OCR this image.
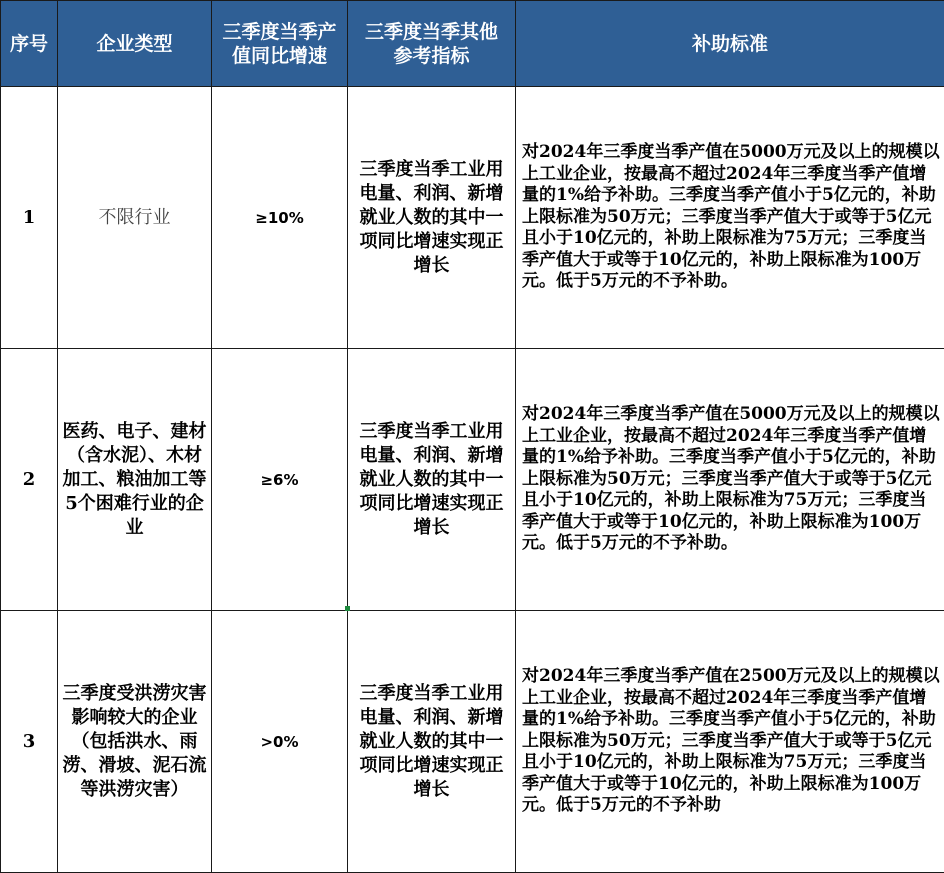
序号	企业类型	三季度当季产值同比增速	三季度当季其他参考指标	补助标准
1	不限行业	≥10%	三季度当季工业用电量、利润、新增就业人数的其中一项同比增速实现正增长	对2024年三季度当季产值在5000万元及以上的规模以上工业企业，按最高不超过2024年三季度当季产值增量的1%给予补助。三季度当季产值小于5亿元的，补助上限标准为50万元；三季度当季产值大于或等于5亿元且小于10亿元的，补助上限标准为75万元；三季度当季产值大于或等于10亿元的，补助上限标准为100万元。低于5万元的不予补助。
2	医药、电子、建材（含水泥）、木材加工、粮油加工等5个困难行业的企业	≥6%	三季度当季工业用电量、利润、新增就业人数的其中一项同比增速实现正增长	对2024年三季度当季产值在5000万元及以上的规模以上工业企业，按最高不超过2024年三季度当季产值增量的1%给予补助。三季度当季产值小于5亿元的，补助上限标准为50万元；三季度当季产值大于或等于5亿元且小于10亿元的，补助上限标准为75万元；三季度当季产值大于或等于10亿元的，补助上限标准为100万元。低于5万元的不予补助。
3	三季度受洪涝灾害影响较大的企业（包括洪水、雨涝、滑坡、泥石流等洪涝灾害）	>0%	三季度当季工业用电量、利润、新增就业人数的其中一项同比增速实现正增长	对2024年三季度当季产值在2500万元及以上的规模以上工业企业，按最高不超过2024年三季度当季产值增量的1%给予补助。三季度当季产值小于5亿元的，补助上限标准为50万元；三季度当季产值大于或等于5亿元且小于10亿元的，补助上限标准为75万元；三季度当季产值大于或等于10亿元的，补助上限标准为100万元。低于5万元的不予补助
